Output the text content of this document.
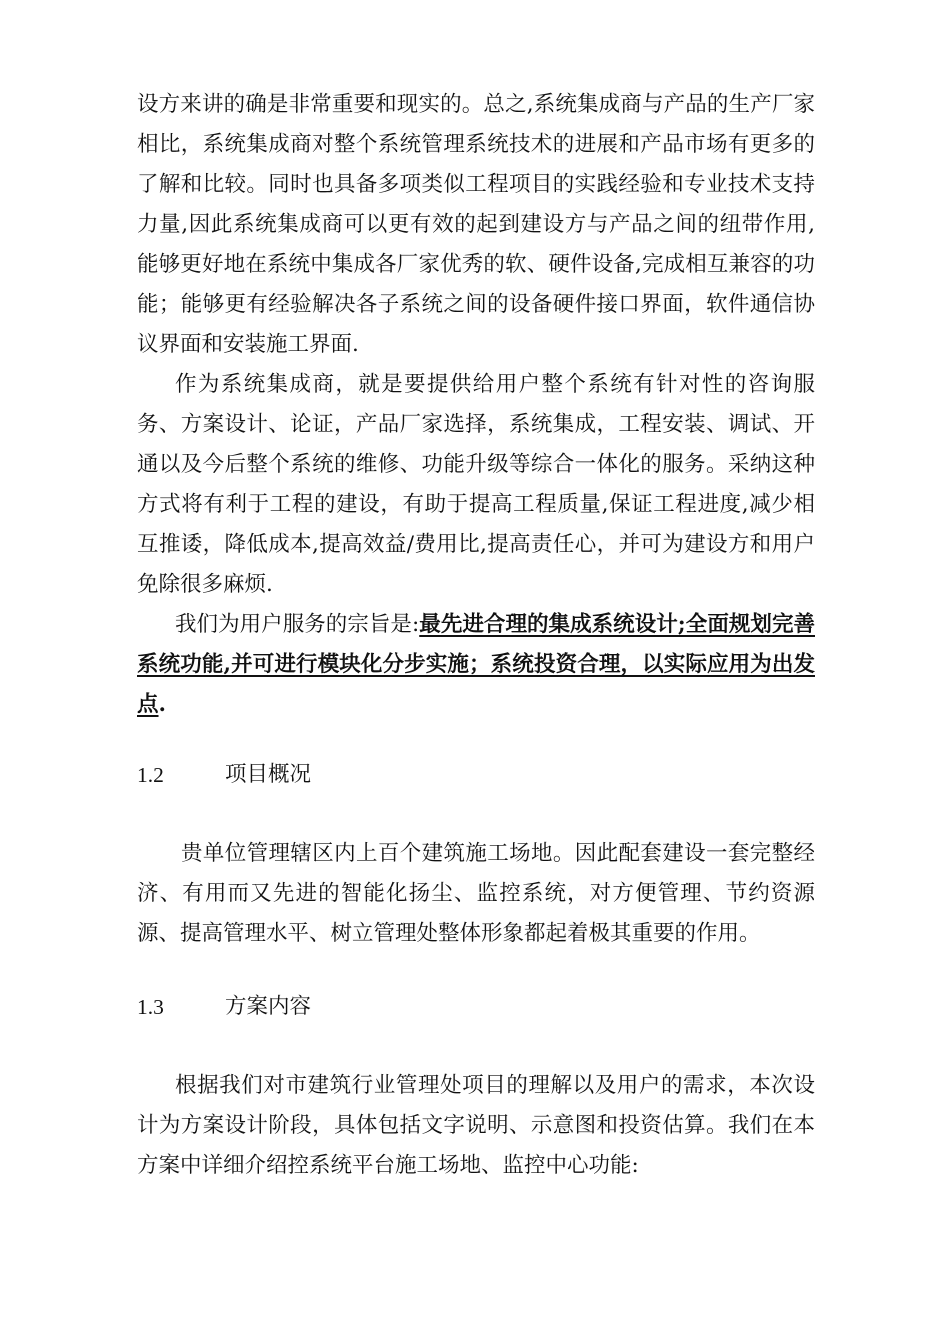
设方来讲的确是非常重要和现实的。总之,系统集成商与产品的生产厂家相比，系统集成商对整个系统管理系统技术的进展和产品市场有更多的了解和比较。同时也具备多项类似工程项目的实践经验和专业技术支持力量,因此系统集成商可以更有效的起到建设方与产品之间的纽带作用,能够更好地在系统中集成各厂家优秀的软、硬件设备,完成相互兼容的功能；能够更有经验解决各子系统之间的设备硬件接口界面，软件通信协议界面和安装施工界面.

作为系统集成商，就是要提供给用户整个系统有针对性的咨询服务、方案设计、论证，产品厂家选择，系统集成，工程安装、调试、开通以及今后整个系统的维修、功能升级等综合一体化的服务。采纳这种方式将有利于工程的建设，有助于提高工程质量,保证工程进度,减少相互推诿，降低成本,提高效益/费用比,提高责任心，并可为建设方和用户免除很多麻烦.

我们为用户服务的宗旨是:最先进合理的集成系统设计;全面规划完善系统功能,并可进行模块化分步实施；系统投资合理，以实际应用为出发点.

1.2	项目概况

贵单位管理辖区内上百个建筑施工场地。因此配套建设一套完整经济、有用而又先进的智能化扬尘、监控系统，对方便管理、节约资源源、提高管理水平、树立管理处整体形象都起着极其重要的作用。

1.3	方案内容

根据我们对市建筑行业管理处项目的理解以及用户的需求，本次设计为方案设计阶段，具体包括文字说明、示意图和投资估算。我们在本方案中详细介绍控系统平台施工场地、监控中心功能:
